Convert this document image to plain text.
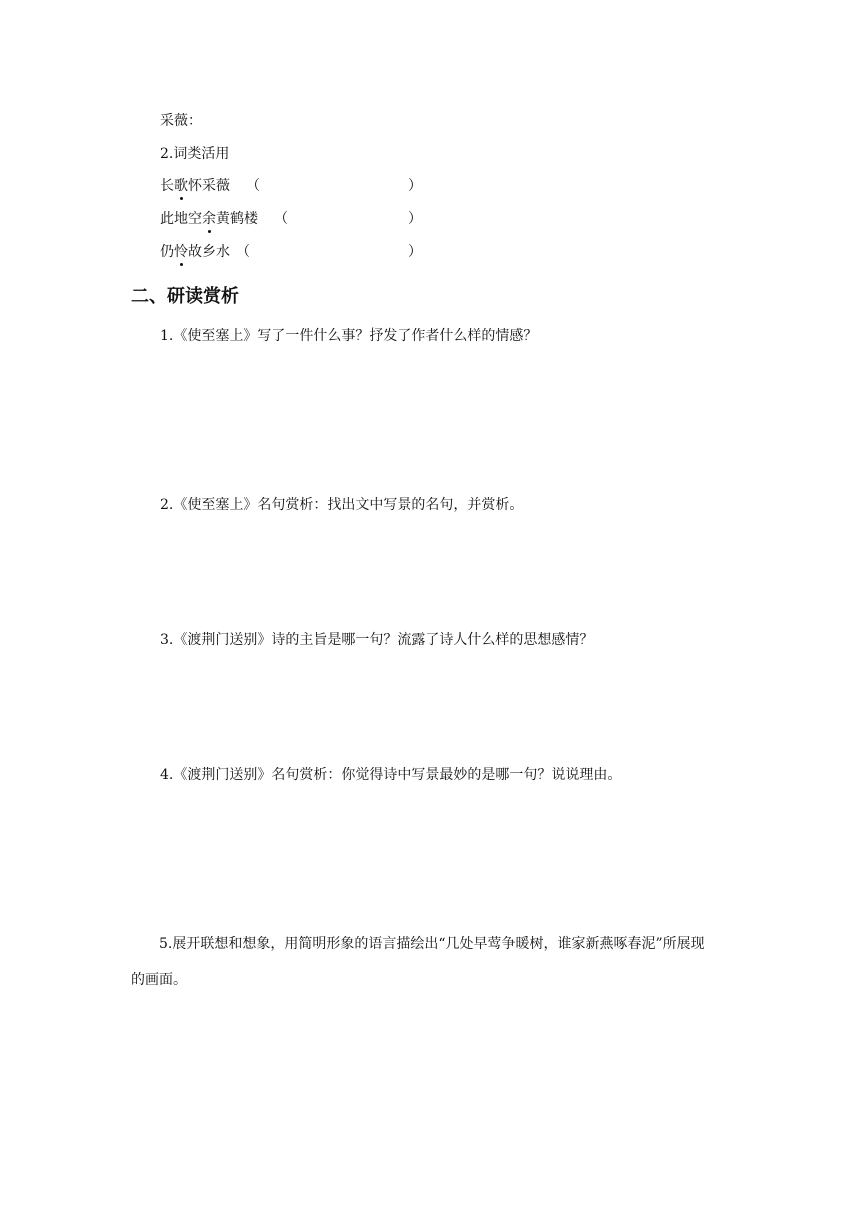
采薇：
2.词类活用
长歌怀采薇 （	）
此地空余黄鹤楼 （	）
仍怜故乡水 （	）
二、研读赏析
1.《使至塞上》写了一件什么事？抒发了作者什么样的情感？
2.《使至塞上》名句赏析：找出文中写景的名句，并赏析。
3.《渡荆门送别》诗的主旨是哪一句？流露了诗人什么样的思想感情？
4.《渡荆门送别》名句赏析：你觉得诗中写景最妙的是哪一句？说说理由。
5.展开联想和想象，用简明形象的语言描绘出“几处早莺争暖树，谁家新燕啄春泥”所展现的画面。
